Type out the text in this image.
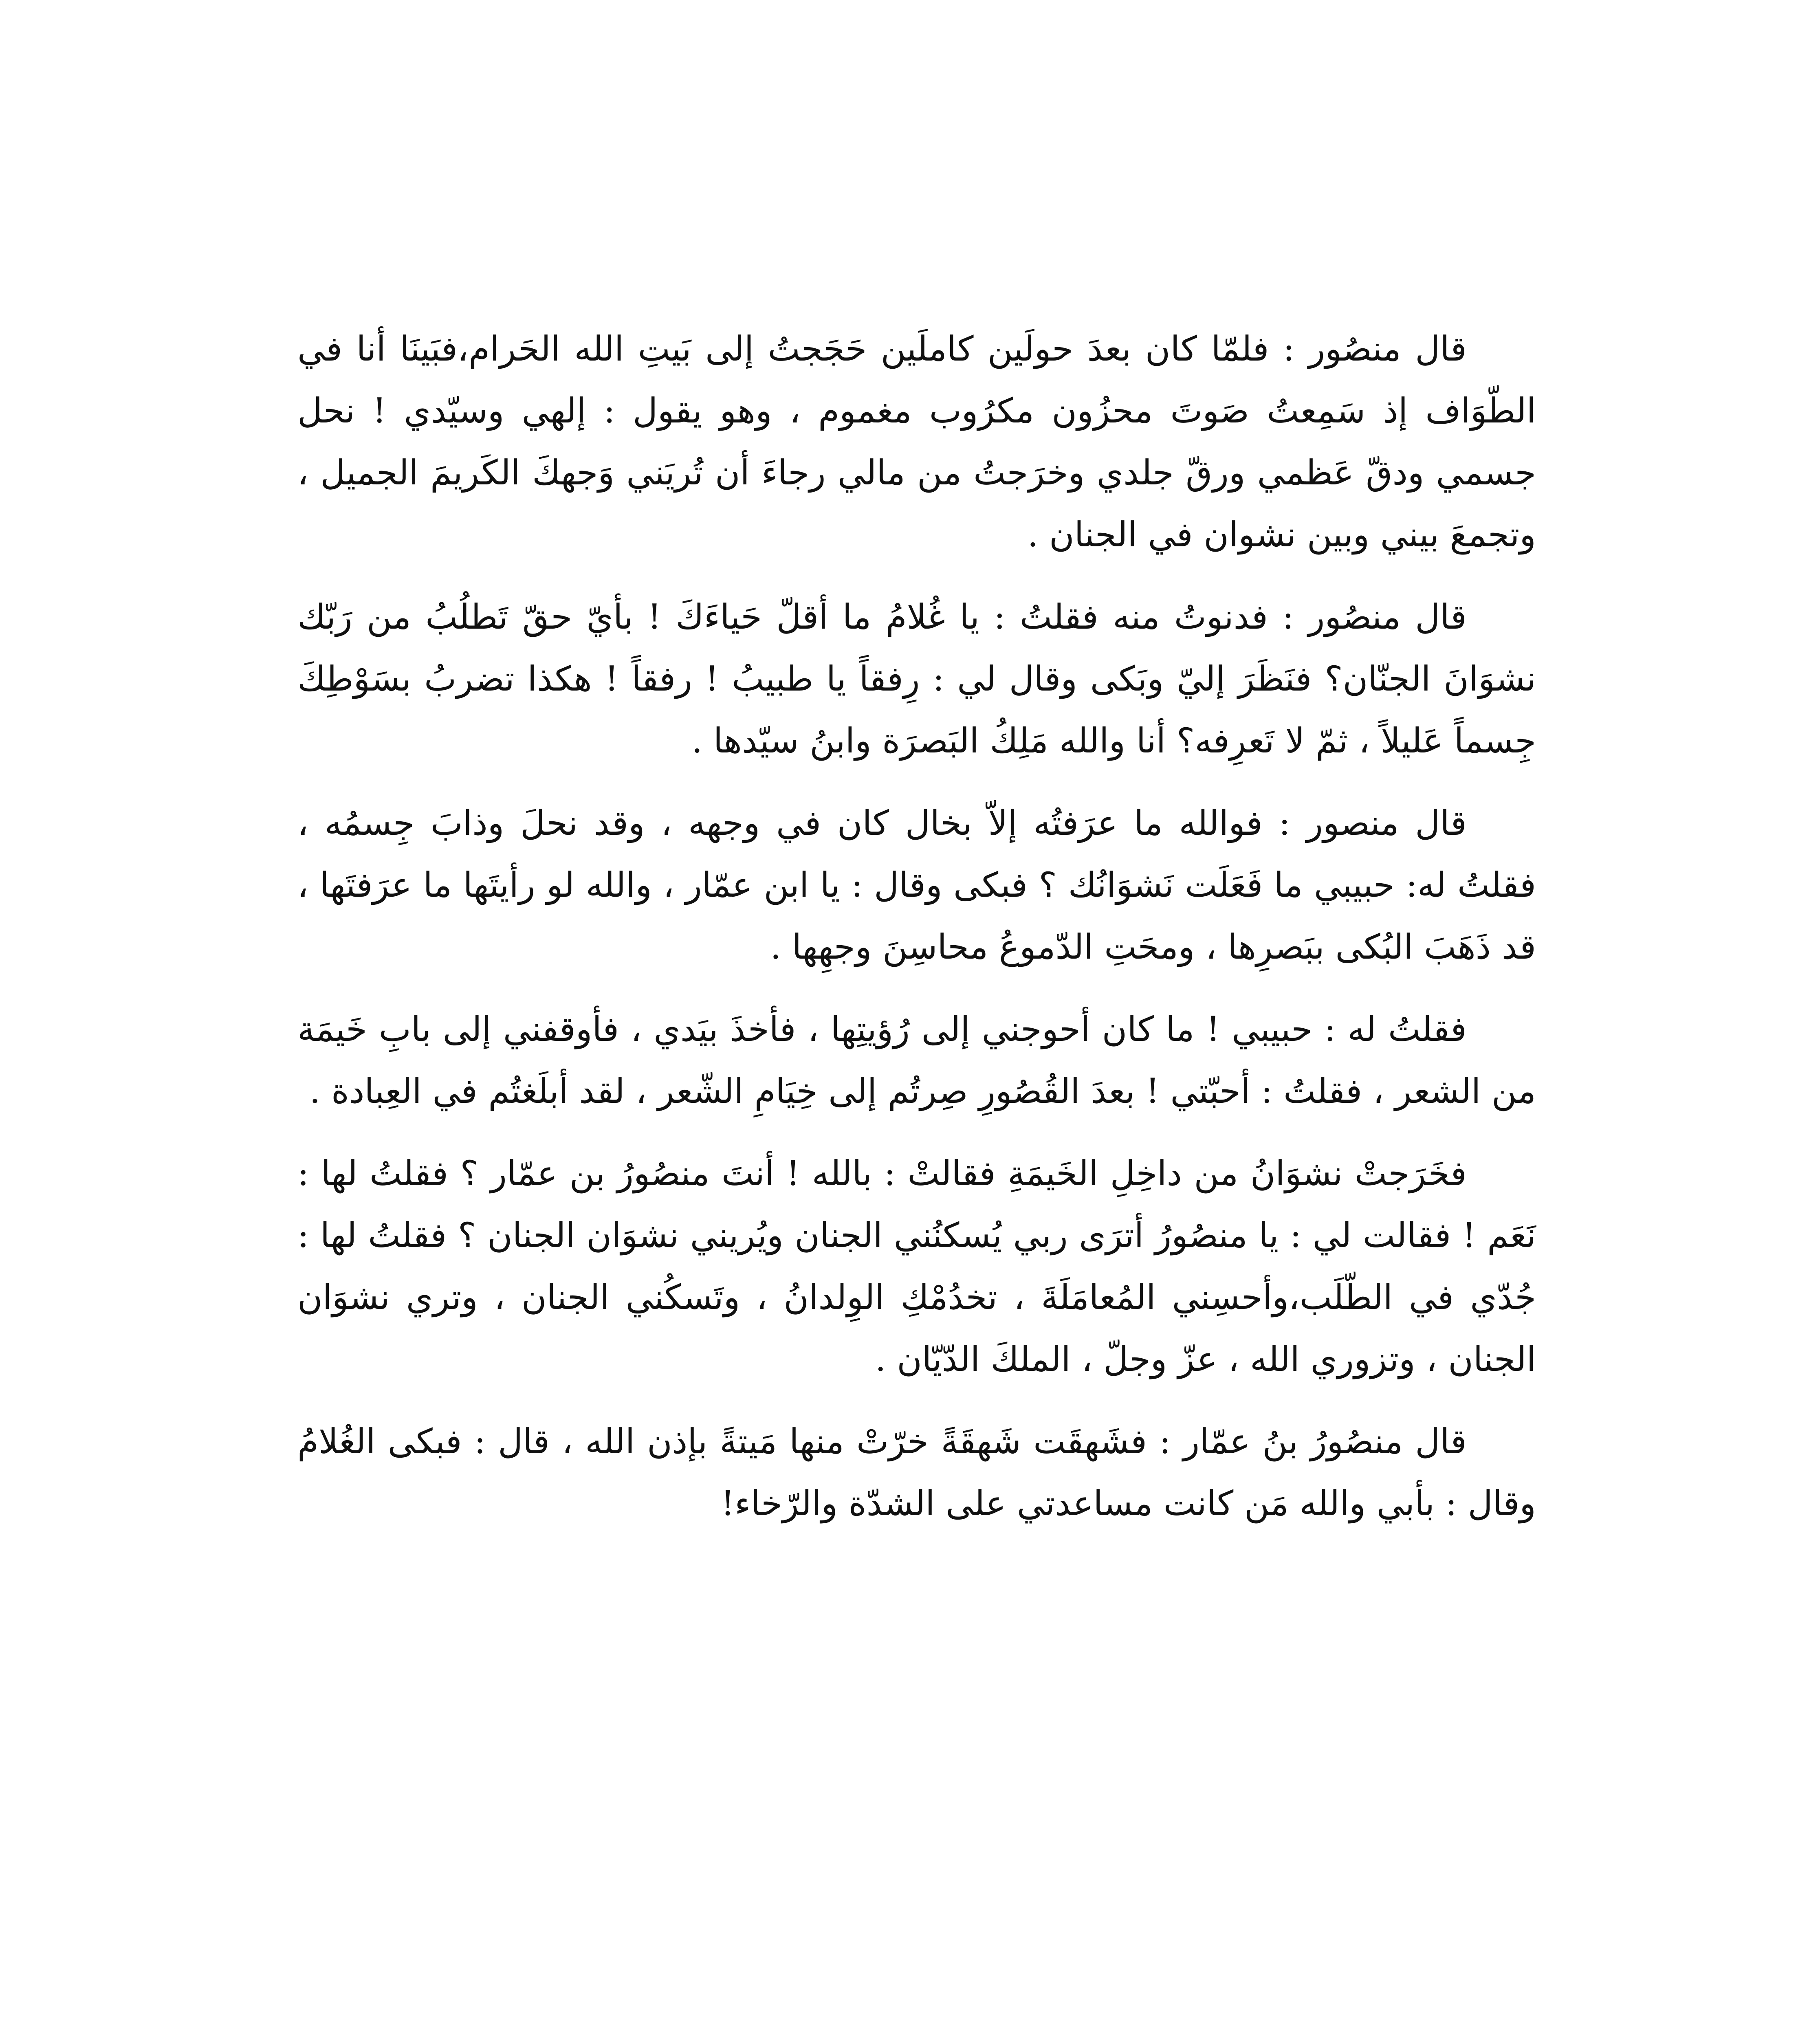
قال منصُور : فلمّا كان بعدَ حولَين كاملَين حَجَجتُ إلى بَيتِ الله الحَرام،فبَينَا أنا في الطّوَاف إذ سَمِعتُ صَوتَ محزُون مكرُوب مغموم ، وهو يقول : إلهي وسيّدي ! نحل جسمي ودقّ عَظمي ورقّ جلدي وخرَجتُ من مالي رجاءَ أن تُريَني وَجهكَ الكَريمَ الجميل ، وتجمعَ بيني وبين نشوان في الجنان .

قال منصُور : فدنوتُ منه فقلتُ : يا غُلامُ ما أقلّ حَياءَكَ ! بأيّ حقّ تَطلُبُ من رَبّك نشوَانَ الجنّان؟ فنَظَرَ إليّ وبَكى وقال لي : رِفقاً يا طبيبُ ! رفقاً ! هكذا تضربُ بسَوْطِكَ جِسماً عَليلاً ، ثمّ لا تَعرِفه؟ أنا والله مَلِكُ البَصرَة وابنُ سيّدها .

قال منصور : فوالله ما عرَفتُه إلاّ بخال كان في وجهه ، وقد نحلَ وذابَ جِسمُه ، فقلتُ له: حبيبي ما فَعَلَت نَشوَانُك ؟ فبكى وقال : يا ابن عمّار ، والله لو رأيتَها ما عرَفتَها ، قد ذَهَبَ البُكى ببَصرِها ، ومحَتِ الدّموعُ محاسِنَ وجهِها .

فقلتُ له : حبيبي ! ما كان أحوجني إلى رُؤيتِها ، فأخذَ بيَدي ، فأوقفني إلى بابِ خَيمَة من الشعر ، فقلتُ : أحبّتي ! بعدَ القُصُورِ صِرتُم إلى خِيَامِ الشّعر ، لقد أبلَغتُم في العِبادة .

فخَرَجتْ نشوَانُ من داخِلِ الخَيمَةِ فقالتْ : بالله ! أنتَ منصُورُ بن عمّار ؟ فقلتُ لها : نَعَم ! فقالت لي : يا منصُورُ أترَى ربي يُسكنُني الجنان ويُريني نشوَان الجنان ؟ فقلتُ لها : جُدّي في الطّلَب،وأحسِني المُعامَلَةَ ، تخدُمْكِ الوِلدانُ ، وتَسكُني الجنان ، وتري نشوَان الجنان ، وتزوري الله ، عزّ وجلّ ، الملكَ الدّيّان .

قال منصُورُ بنُ عمّار : فشَهقَت شَهقَةً خرّتْ منها مَيتةً بإذن الله ، قال : فبكى الغُلامُ وقال : بأبي والله مَن كانت مساعدتي على الشدّة والرّخاء!
